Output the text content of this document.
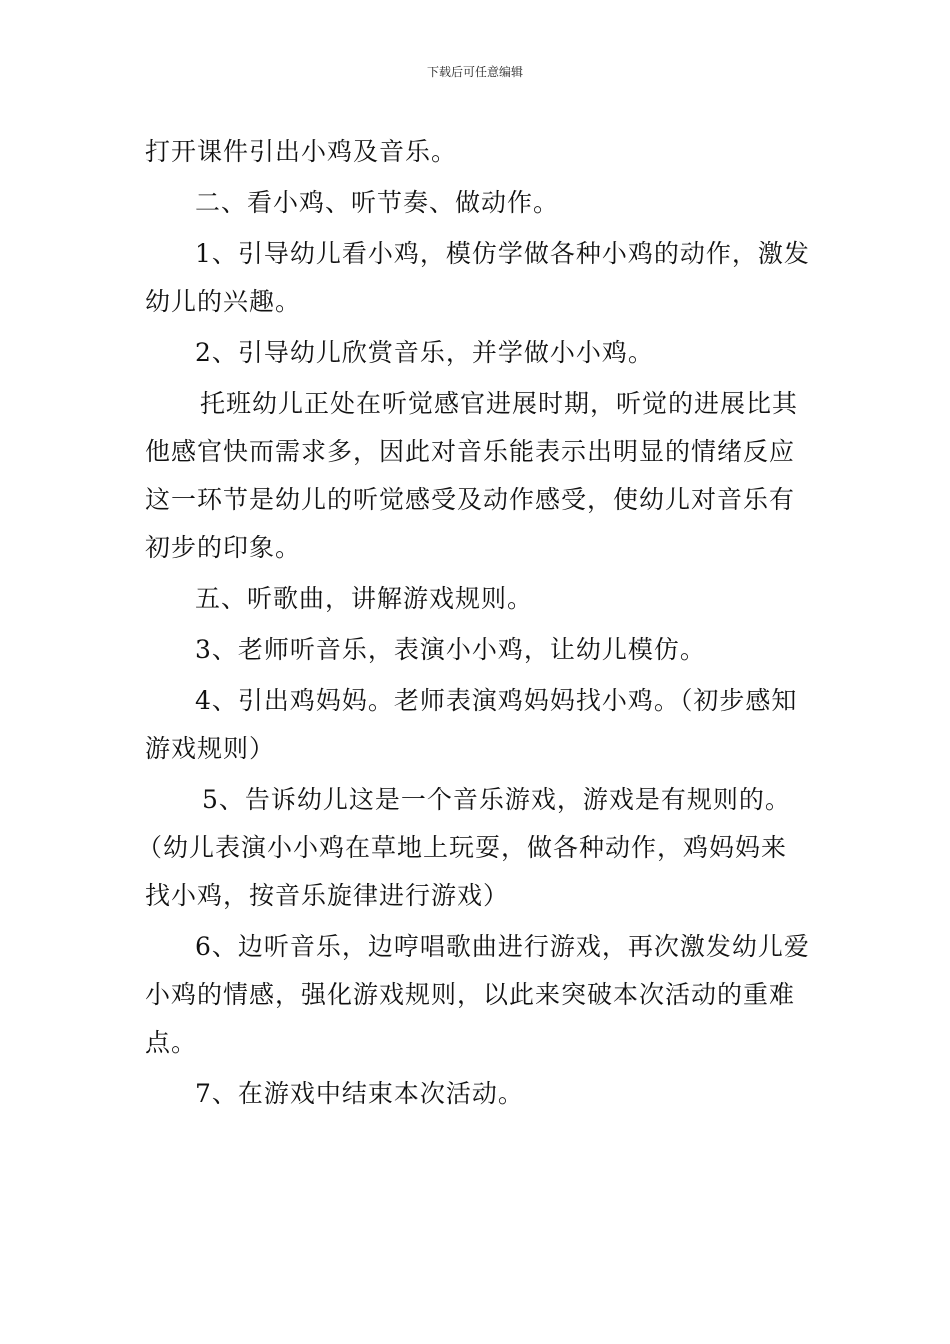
下载后可任意编辑

打开课件引出小鸡及音乐。

二、看小鸡、听节奏、做动作。

1、引导幼儿看小鸡，模仿学做各种小鸡的动作，激发

幼儿的兴趣。

2、引导幼儿欣赏音乐，并学做小小鸡。

托班幼儿正处在听觉感官进展时期，听觉的进展比其

他感官快而需求多，因此对音乐能表示出明显的情绪反应

这一环节是幼儿的听觉感受及动作感受，使幼儿对音乐有

初步的印象。

五、听歌曲，讲解游戏规则。

3、老师听音乐，表演小小鸡，让幼儿模仿。

4、引出鸡妈妈。老师表演鸡妈妈找小鸡。（初步感知

游戏规则）

5、告诉幼儿这是一个音乐游戏，游戏是有规则的。

（幼儿表演小小鸡在草地上玩耍，做各种动作，鸡妈妈来

找小鸡，按音乐旋律进行游戏）

6、边听音乐，边哼唱歌曲进行游戏，再次激发幼儿爱

小鸡的情感，强化游戏规则，以此来突破本次活动的重难

点。

7、在游戏中结束本次活动。
